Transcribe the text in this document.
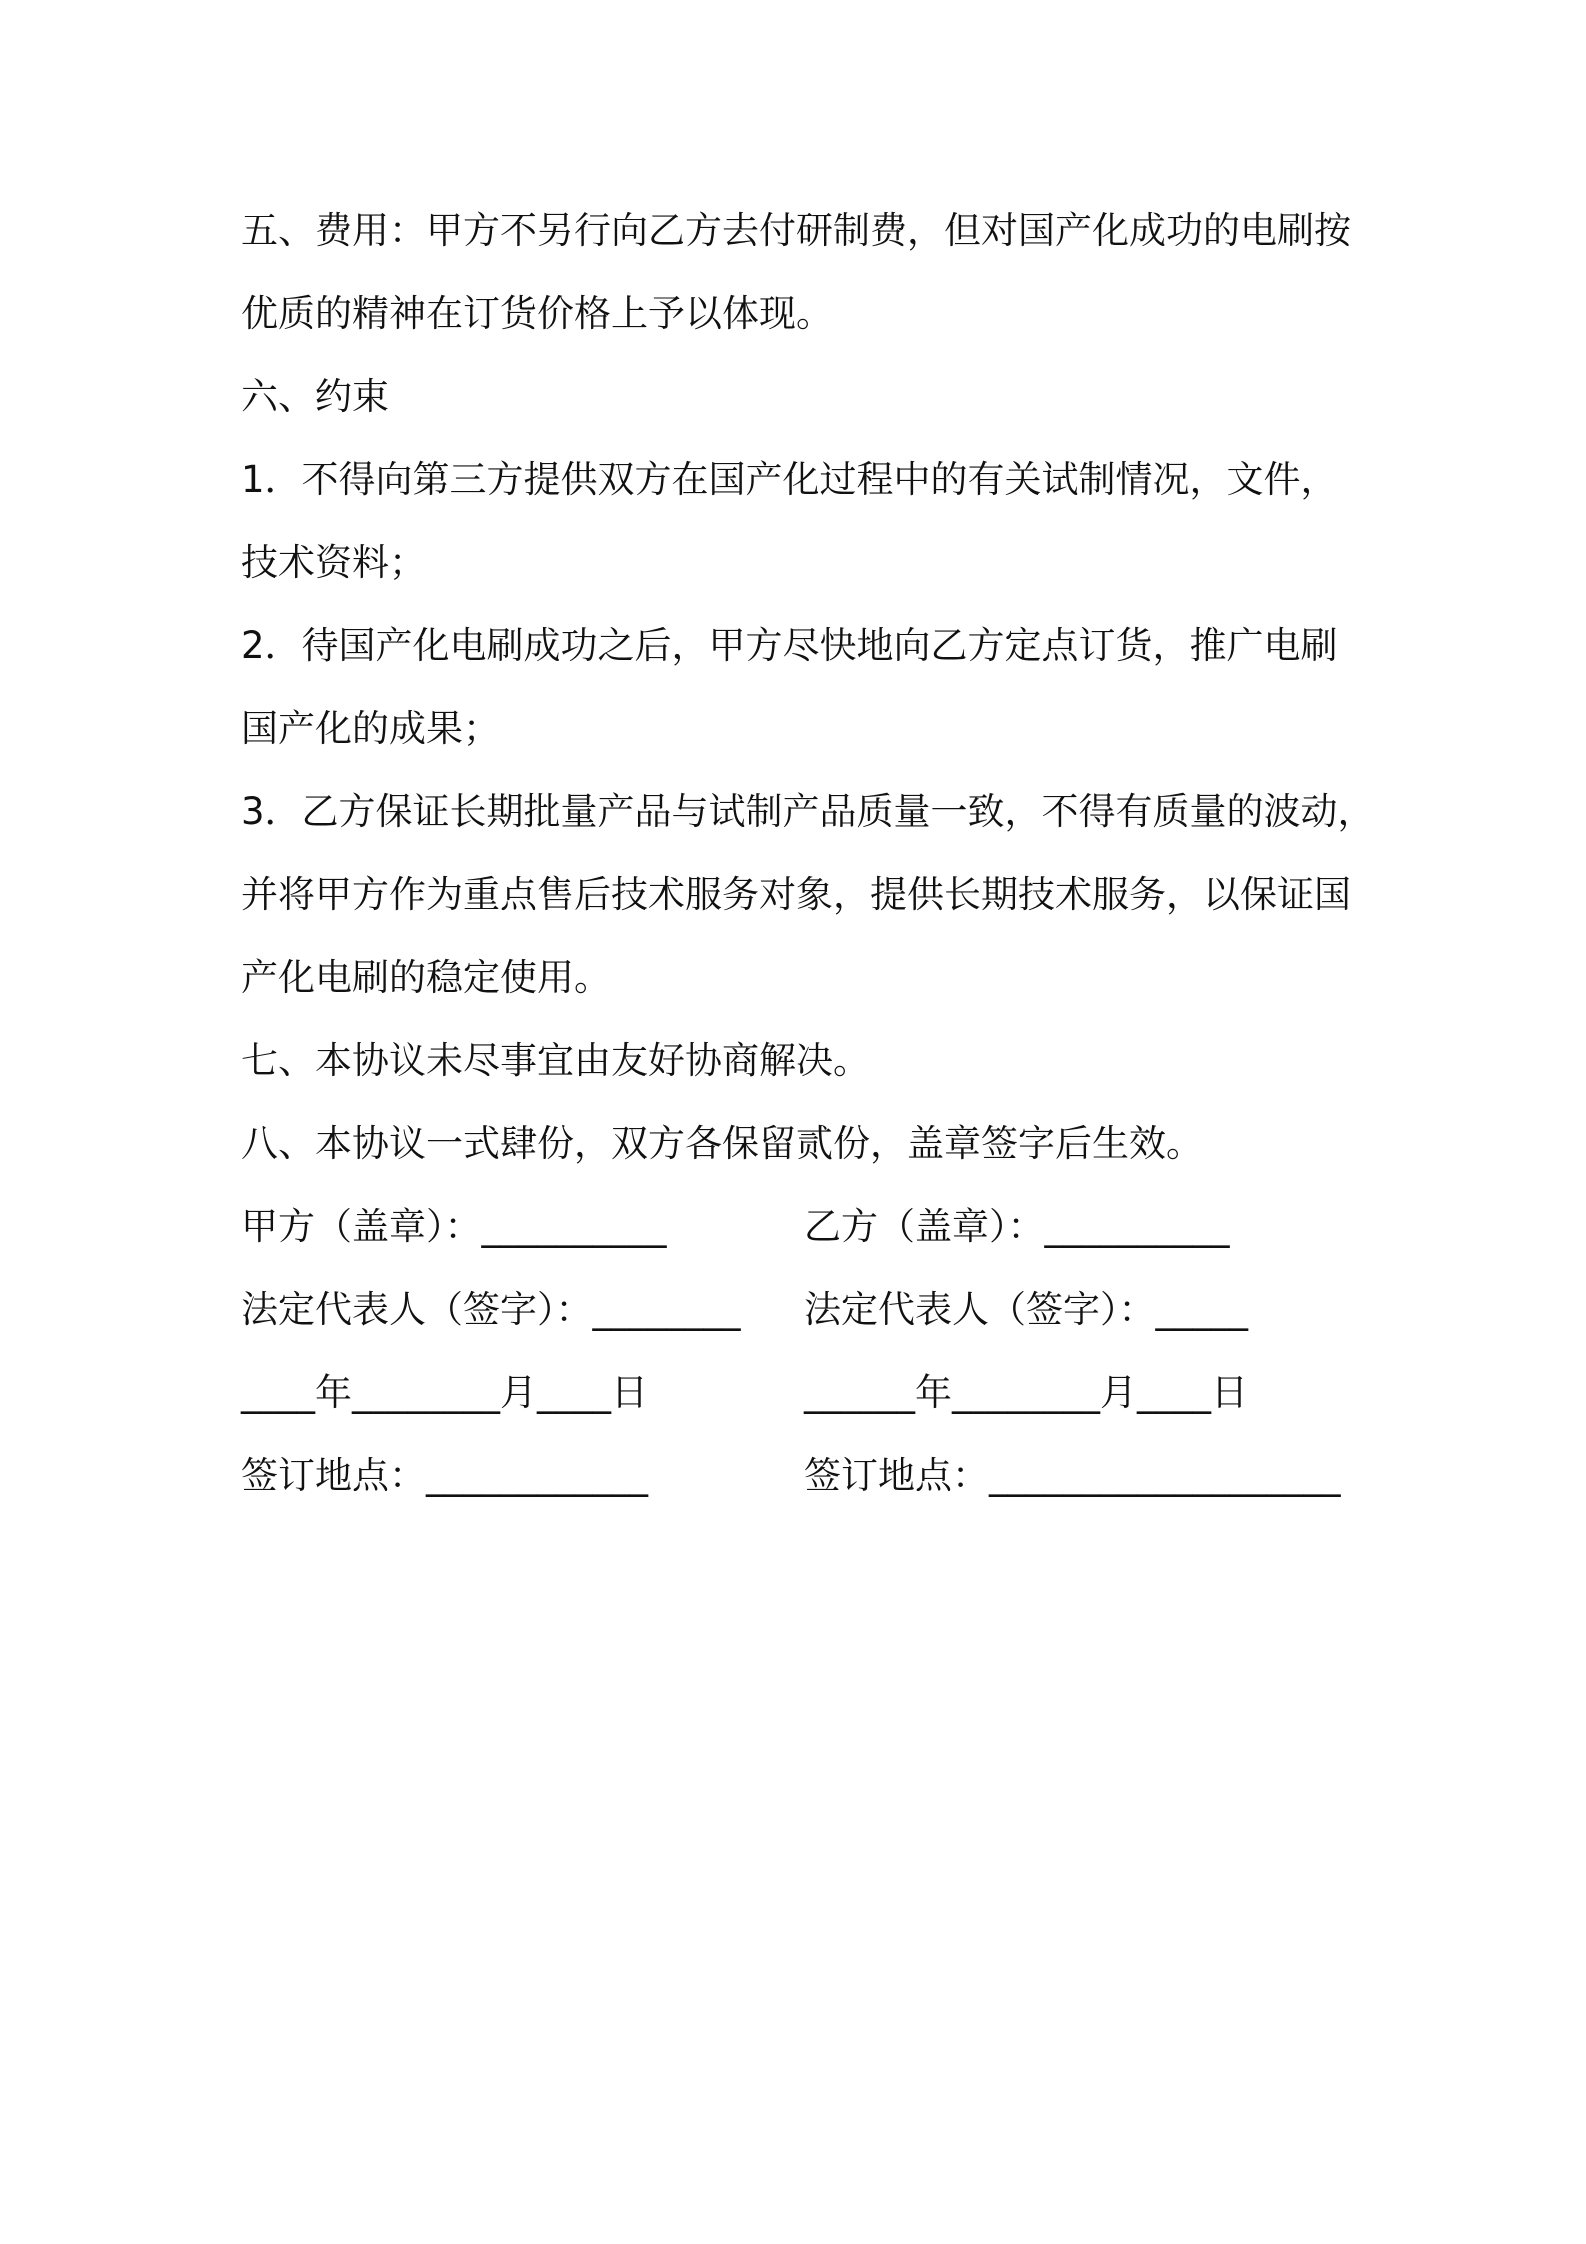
五、费用：甲方不另行向乙方去付研制费，但对国产化成功的电刷按

优质的精神在订货价格上予以体现。

六、约束

1．不得向第三方提供双方在国产化过程中的有关试制情况，文件，

技术资料；

2．待国产化电刷成功之后，甲方尽快地向乙方定点订货，推广电刷

国产化的成果；

3．乙方保证长期批量产品与试制产品质量一致，不得有质量的波动，

并将甲方作为重点售后技术服务对象，提供长期技术服务，以保证国

产化电刷的稳定使用。

七、本协议未尽事宜由友好协商解决。

八、本协议一式肆份，双方各保留贰份，盖章签字后生效。

甲方（盖章）：__________	乙方（盖章）：__________

法定代表人（签字）：________ 法定代表人（签字）：_____

____年________月____日	______年________月____日

签订地点：____________	签订地点：___________________
